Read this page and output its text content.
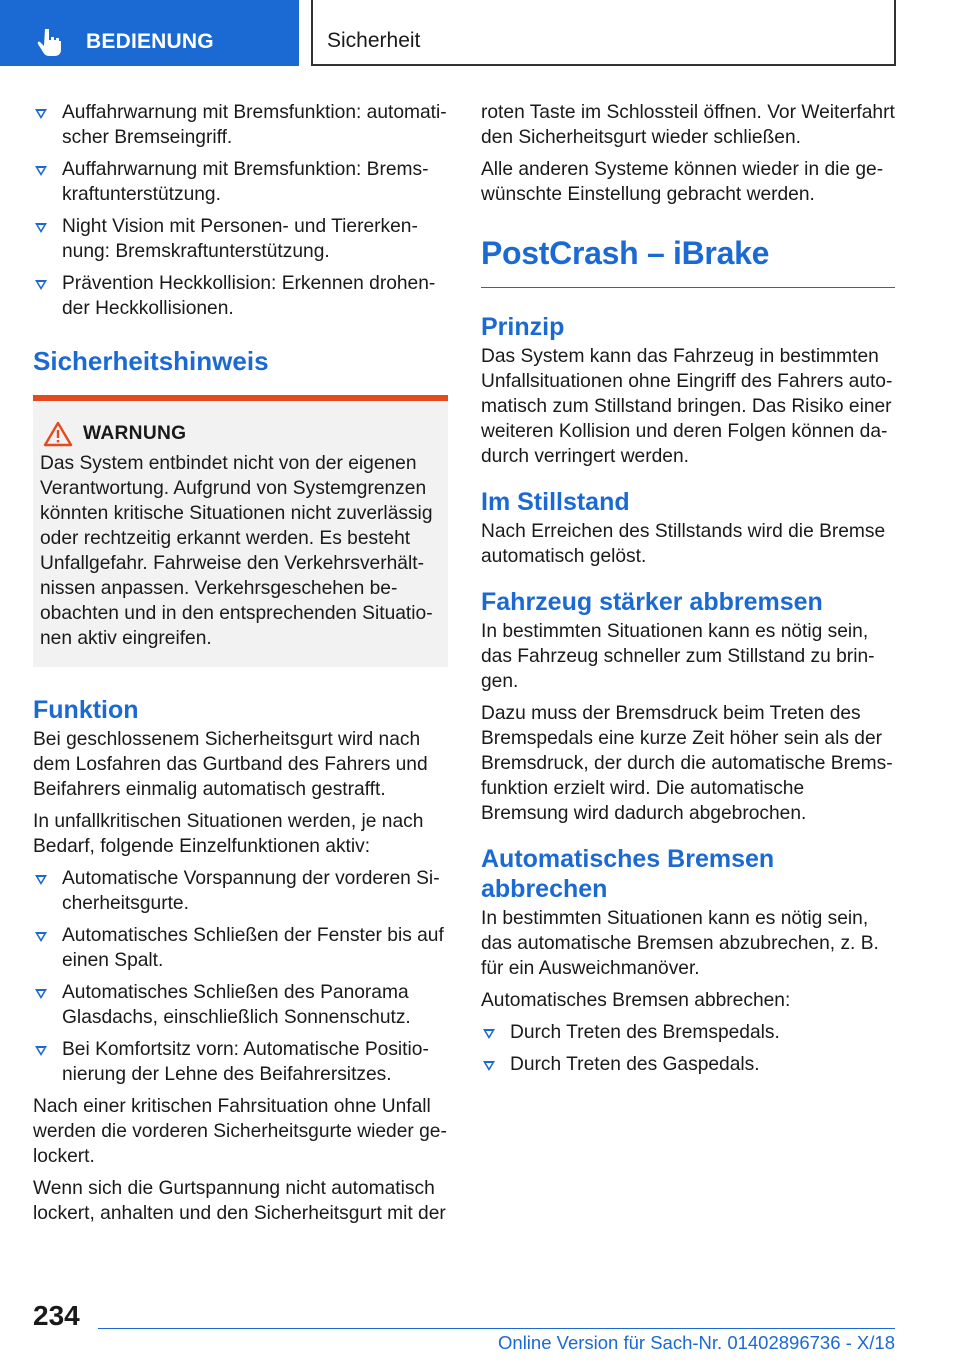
BEDIENUNG	Sicherheit
Auffahrwarnung mit Bremsfunktion: automatischer Bremseingriff.
Auffahrwarnung mit Bremsfunktion: Bremskraftunterstützung.
Night Vision mit Personen- und Tiererkennung: Bremskraftunterstützung.
Prävention Heckkollision: Erkennen drohender Heckkollisionen.
Sicherheitshinweis
WARNUNG

Das System entbindet nicht von der eigenen Verantwortung. Aufgrund von Systemgrenzen könnten kritische Situationen nicht zuverlässig oder rechtzeitig erkannt werden. Es besteht Unfallgefahr. Fahrweise den Verkehrsverhältnissen anpassen. Verkehrsgeschehen beobachten und in den entsprechenden Situationen aktiv eingreifen.

Funktion

Bei geschlossenem Sicherheitsgurt wird nach dem Losfahren das Gurtband des Fahrers und Beifahrers einmalig automatisch gestrafft.

In unfallkritischen Situationen werden, je nach Bedarf, folgende Einzelfunktionen aktiv:

Automatische Vorspannung der vorderen Sicherheitsgurte.
Automatisches Schließen der Fenster bis auf einen Spalt.
Automatisches Schließen des Panorama Glasdachs, einschließlich Sonnenschutz.
Bei Komfortsitz vorn: Automatische Positionierung der Lehne des Beifahrersitzes.

Nach einer kritischen Fahrsituation ohne Unfall werden die vorderen Sicherheitsgurte wieder gelockert.

Wenn sich die Gurtspannung nicht automatisch lockert, anhalten und den Sicherheitsgurt mit der

roten Taste im Schlossteil öffnen. Vor Weiterfahrt den Sicherheitsgurt wieder schließen.

Alle anderen Systeme können wieder in die gewünschte Einstellung gebracht werden.

PostCrash – iBrake
Prinzip

Das System kann das Fahrzeug in bestimmten Unfallsituationen ohne Eingriff des Fahrers automatisch zum Stillstand bringen. Das Risiko einer weiteren Kollision und deren Folgen können dadurch verringert werden.

Im Stillstand

Nach Erreichen des Stillstands wird die Bremse automatisch gelöst.

Fahrzeug stärker abbremsen

In bestimmten Situationen kann es nötig sein, das Fahrzeug schneller zum Stillstand zu bringen.

Dazu muss der Bremsdruck beim Treten des Bremspedals eine kurze Zeit höher sein als der Bremsdruck, der durch die automatische Bremsfunktion erzielt wird. Die automatische Bremsung wird dadurch abgebrochen.

Automatisches Bremsen abbrechen

In bestimmten Situationen kann es nötig sein, das automatische Bremsen abzubrechen, z. B. für ein Ausweichmanöver.

Automatisches Bremsen abbrechen:

Durch Treten des Bremspedals.
Durch Treten des Gaspedals.
234
Online Version für Sach-Nr. 01402896736 - X/18
